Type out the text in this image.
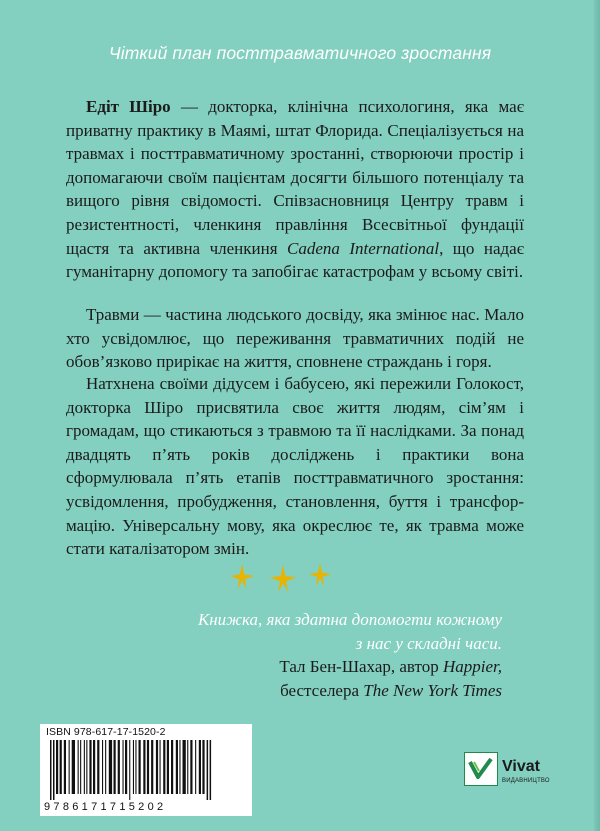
Чіткий план посттравматичного зростання
Едіт Шіро — докторка, клінічна психологиня, яка має приватну практику в Маямі, штат Флорида. Спеціалізується на травмах і посттравматичному зростанні, створюючи простір і допомагаючи своїм пацієнтам досягти більшого потенціалу та вищого рівня свідомості. Співзасновниця Центру травм і резистентності, членкиня правління Всесвітньої фундації щастя та активна членкиня Cadena International, що надає гуманітарну допомогу та запобігає катастрофам у всьому світі.
Травми — частина людського досвіду, яка змінює нас. Мало хто усвідомлює, що переживання травматичних подій не обов’язково прирікає на життя, сповнене страждань і горя.
Натхнена своїми дідусем і бабусею, які пережили Голокост, докторка Шіро присвятила своє життя людям, сім’ям і громадам, що стикаються з травмою та її наслідками. За понад двадцять п’ять років досліджень і практики вона сформулювала п’ять етапів посттравматичного зростання: усвідомлення, пробудження, становлення, буття і трансформацію. Універсальну мову, яка окреслює те, як травма може стати каталізатором змін.
Книжка, яка здатна допомогти кожному
з нас у складні часи.
Тал Бен-Шахар, автор Happier,
бестселера The New York Times
ISBN 978-617-17-1520-2
9786171715202
Vivat
ВИДАВНИЦТВО
